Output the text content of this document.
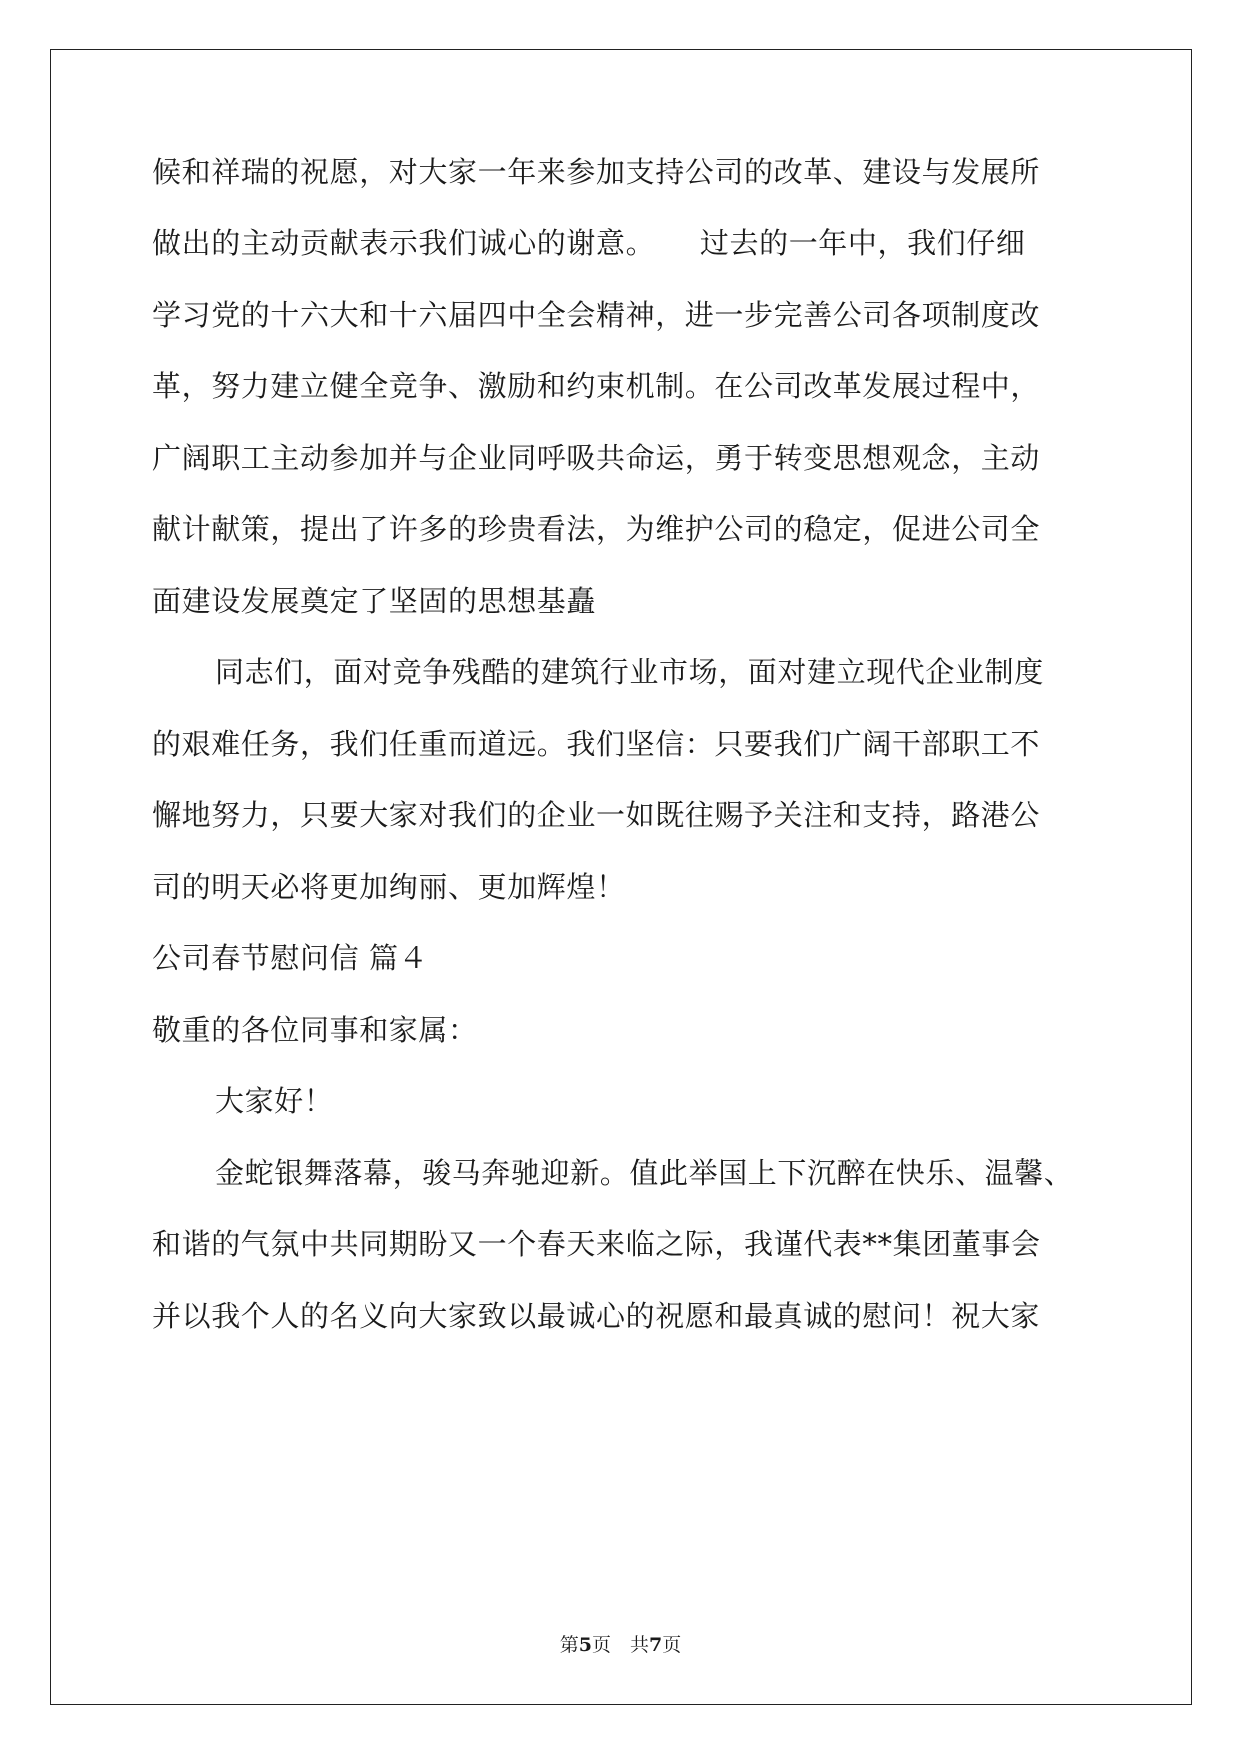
候和祥瑞的祝愿，对大家一年来参加支持公司的改革、建设与发展所
做出的主动贡献表示我们诚心的谢意。　　过去的一年中，我们仔细
学习党的十六大和十六届四中全会精神，进一步完善公司各项制度改
革，努力建立健全竞争、激励和约束机制。在公司改革发展过程中，
广阔职工主动参加并与企业同呼吸共命运，勇于转变思想观念，主动
献计献策，提出了许多的珍贵看法，为维护公司的稳定，促进公司全
面建设发展奠定了坚固的思想基矗
同志们，面对竞争残酷的建筑行业市场，面对建立现代企业制度
的艰难任务，我们任重而道远。我们坚信：只要我们广阔干部职工不
懈地努力，只要大家对我们的企业一如既往赐予关注和支持，路港公
司的明天必将更加绚丽、更加辉煌！
公司春节慰问信 篇４
敬重的各位同事和家属：
大家好！
金蛇银舞落幕，骏马奔驰迎新。值此举国上下沉醉在快乐、温馨、
和谐的气氛中共同期盼又一个春天来临之际，我谨代表**集团董事会
并以我个人的名义向大家致以最诚心的祝愿和最真诚的慰问！祝大家
第5页　共7页
